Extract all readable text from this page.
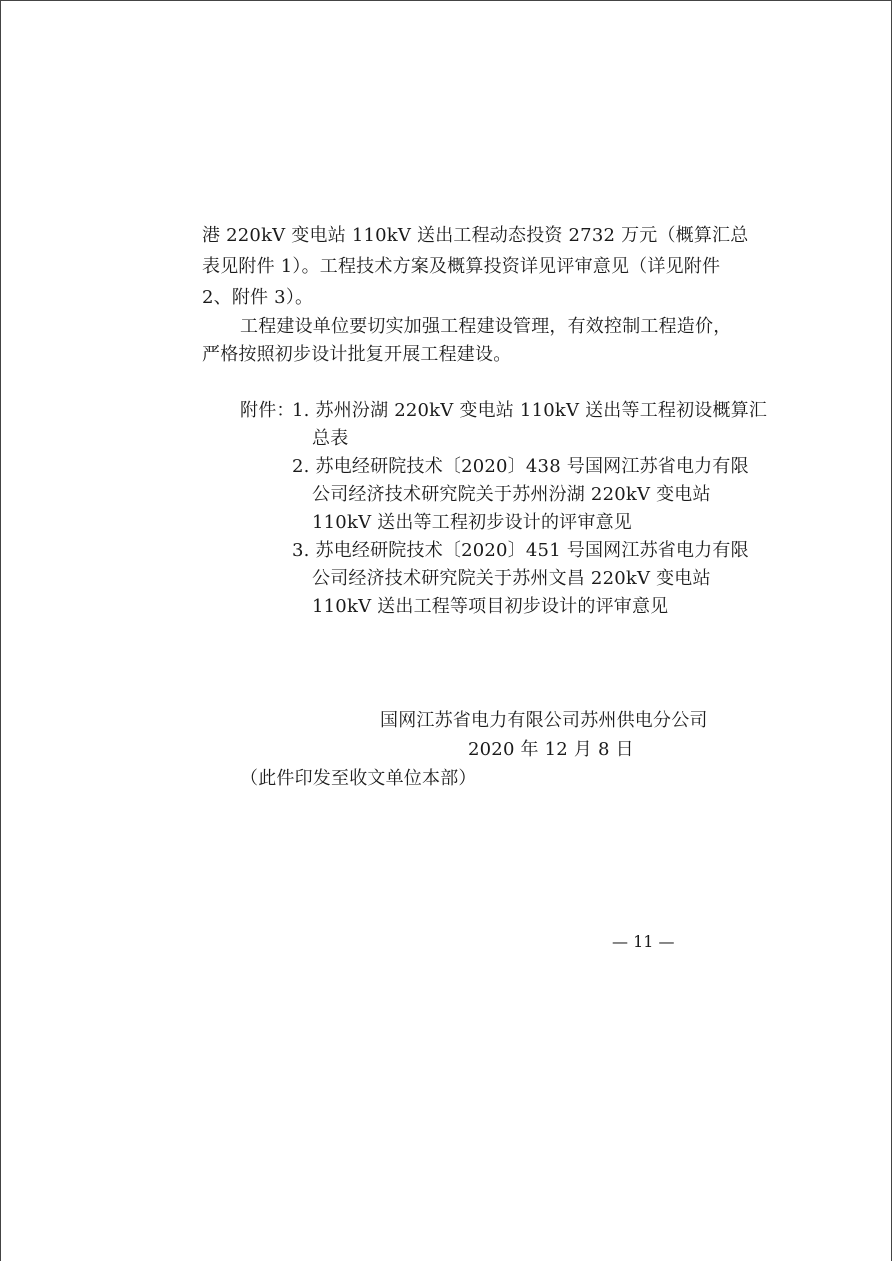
港 220kV 变电站 110kV 送出工程动态投资 2732 万元（概算汇总
表见附件 1）。工程技术方案及概算投资详见评审意见（详见附件
2、附件 3）。
工程建设单位要切实加强工程建设管理，有效控制工程造价，
严格按照初步设计批复开展工程建设。
附件：
1. 苏州汾湖 220kV 变电站 110kV 送出等工程初设概算汇
总表
2. 苏电经研院技术〔2020〕438 号国网江苏省电力有限
公司经济技术研究院关于苏州汾湖 220kV 变电站
110kV 送出等工程初步设计的评审意见
3. 苏电经研院技术〔2020〕451 号国网江苏省电力有限
公司经济技术研究院关于苏州文昌 220kV 变电站
110kV 送出工程等项目初步设计的评审意见
国网江苏省电力有限公司苏州供电分公司
2020 年 12 月 8 日
（此件印发至收文单位本部）
— 11 —
